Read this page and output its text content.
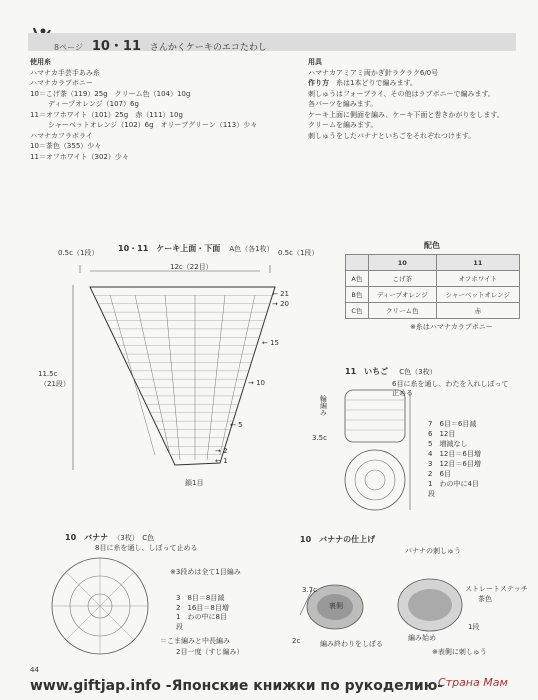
8ページ 10・11 さんかくケーキのエコたわし
使用糸
ハマナカ手芸手あみ糸
ハマナカラブボニー
10＝こげ茶（119）25g　クリーム色（104）10g
ディープオレンジ（107）6g
11＝オフホワイト（101）25g　赤（111）10g
シャーベットオレンジ（102）6g　オリーブグリーン（113）少々
ハマナカフラボライ
10＝茶色（355）少々
11＝オフホワイト（302）少々
用具
ハマナカアミアミ両かぎ針ラクラク6/0号
作り方　 糸は1本どりで編みます。
刺しゅうはフォーブライ、その他はラブボニーで編みます。
各パーツを編みます。
ケーキ上面に側面を編み、ケーキ下面と巻きかがりをします。
クリームを編みます。
刺しゅうをしたバナナといちごをそれぞれつけます。
10・11　ケーキ上面・下面 A色（各1枚）
0.5c（1段）	0.5c（1段）
12c（22目）
11.5c
（21段）
鎖1目
← 21
→ 20
← 15
→ 10
← 5
→ 2
← 1
配色
	10	11
A色	こげ茶	オフホワイト
B色	ディープオレンジ	シャーベットオレンジ
C色	クリーム色	赤
※糸はハマナカラブボニー
11　いちご C色（3枚）
6目に糸を通し、わたを入れしぼって止める
輪編み
3.5c
7　 6目＝6目減
6　 12目
5　 増減なし
4　 12目＝6目増
3　 12目＝6目増
2　 6目
1　 わの中に4目
段
10　バナナ （3枚）　C色
8目に糸を通し、しぼって止める
※3段めは全て1目編み
3　 8目＝8目減
2　 16目＝8目増
1　 わの中に8目
段
＝こま編みと中長編み
2目一度（すじ編み）
10　バナナの仕上げ
バナナの刺しゅう
3.7c
裏側
編み終わりをしぼる
2c
ストレートステッチ
茶色
編み始め
1段
※表側に刺しゅう
44
www.giftjap.info -Японские книжки по рукоделию-
Страна Мам
